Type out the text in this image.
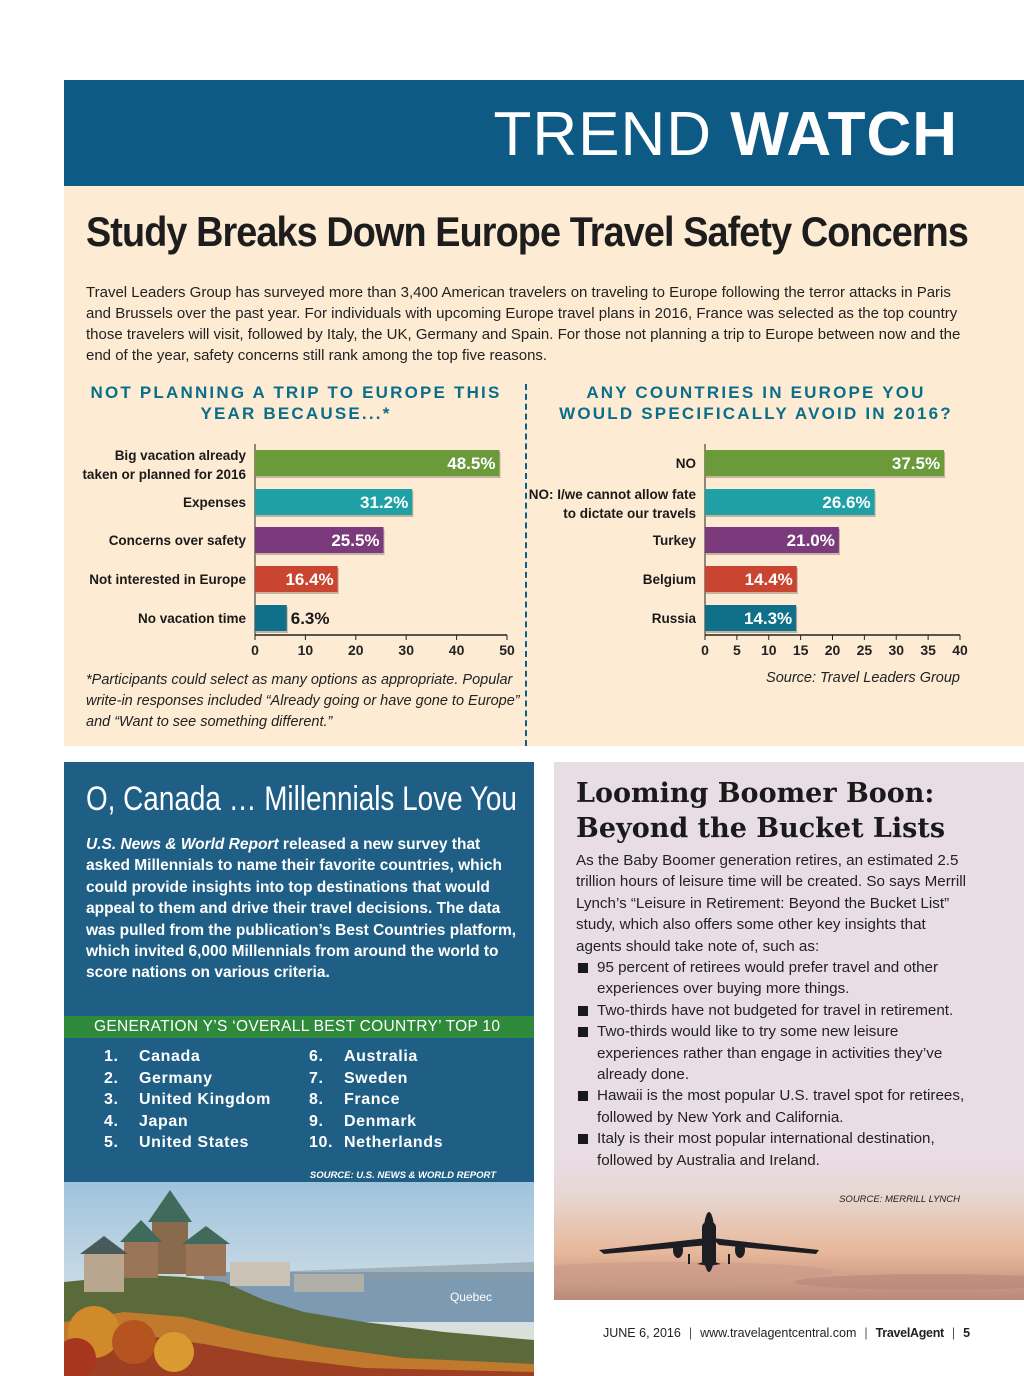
TREND WATCH
Study Breaks Down Europe Travel Safety Concerns
Travel Leaders Group has surveyed more than 3,400 American travelers on traveling to Europe following the terror attacks in Paris and Brussels over the past year. For individuals with upcoming Europe travel plans in 2016, France was selected as the top country those travelers will visit, followed by Italy, the UK, Germany and Spain. For those not planning a trip to Europe between now and the end of the year, safety concerns still rank among the top five reasons.
NOT PLANNING A TRIP TO EUROPE THIS YEAR BECAUSE...*
ANY COUNTRIES IN EUROPE YOU WOULD SPECIFICALLY AVOID IN 2016?
0	10 20 30 40 50
48.5%
Big vacation already taken or planned for 2016
31.2%
Expenses
25.5%
Concerns over safety
16.4%
Not interested in Europe
6.3%
No vacation time
0 5 10 15 20 25 30 35 40
37.5%
NO
26.6%
NO: I/we cannot allow fate to dictate our travels
21.0%
Turkey
14.4%
Belgium
14.3%
Russia
*Participants could select as many options as appropriate. Popular write-in responses included “Already going or have gone to Europe” and “Want to see something different.”
Source: Travel Leaders Group
O, Canada … Millennials Love You
U.S. News & World Report released a new survey that asked Millennials to name their favorite countries, which could provide insights into top destinations that would appeal to them and drive their travel decisions. The data was pulled from the publication’s Best Countries platform, which invited 6,000 Millennials from around the world to score nations on various criteria.
GENERATION Y’S ‘OVERALL BEST COUNTRY’ TOP 10
1. Canada
2. Germany
3. United Kingdom
4. Japan
5. United States
6. Australia
7. Sweden
8. France
9. Denmark
10. Netherlands
SOURCE: U.S. NEWS & WORLD REPORT
Quebec
Looming Boomer Boon:
Beyond the Bucket Lists
As the Baby Boomer generation retires, an estimated 2.5 trillion hours of leisure time will be created. So says Merrill Lynch’s “Leisure in Retirement: Beyond the Bucket List” study, which also offers some other key insights that agents should take note of, such as:
95 percent of retirees would prefer travel and other experiences over buying more things.
Two-thirds have not budgeted for travel in retirement.
Two-thirds would like to try some new leisure experiences rather than engage in activities they’ve already done.
Hawaii is the most popular U.S. travel spot for retirees, followed by New York and California.
Italy is their most popular international destination, followed by Australia and Ireland.
SOURCE: MERRILL LYNCH
JUNE 6, 2016 | www.travelagentcentral.com | TravelAgent | 5
